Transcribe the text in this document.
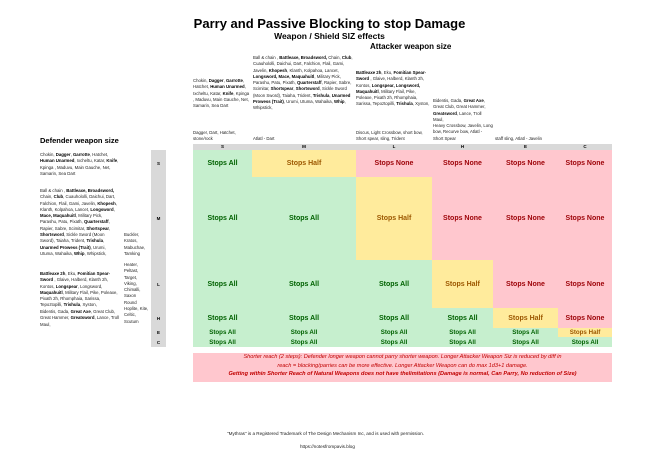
Parry and Passive Blocking to stop Damage
Weapon / Shield SIZ effects
Attacker weapon size
Defender weapon size
Chokin, Dagger, Garrotte, Hatchet, Human Unarmed, Ixcheltu, Katar, Knife, Kpinga , Maduvu, Main Gauche, Net, Samarin, Sea Dart
Ball & chain , Battleaxe, Broadsword, Chain, Club, Cuauhololli, Daichui, Dart, Falchion, Flail, Gami, Javelin, Khopesh, Klanth, Kolpahoa, Lancet, Longsword, Mace, Maquahuitl, Military Pick, Parashu, Patu, Pixath, Quarterstaff, Rapier, Sabre, Scimitar, Shortspear, Shortsword, Sickle Sword (Moon Sword), Taiaha, Trident, Trishula, Unarmed Prowess (Trait), Urumi, Utuma, Wahaika, Whip, Whipstick,
Battleaxe 2h, Eku, Fomitian Spear-Sword , Glaive, Halberd, Klanth 2h, Kontos, Longspear, Longsword, Maquahuitl, Military Flail, Pike, Poleaxe, Pixath 2h, Rhomphaia, Sarissa, Tepoztopilli, Trishula, Xyston,
Bidentis, Gada, Great Axe, Great Club, Great Hammer, Greatsword, Lance, Troll Maul,
Dagger, Dart, Hatchet, stone/rock	Atlatl - Dart
Discus, Light Crossbow, short bow, Short spear, sling, Trident
Heavy Crossbow, Javelin, Long bow, Recurve bow, Atlatl - Short Spear	staff sling, Atlatl - Javelin
Chokin, Dagger, Garrotte, Hatchet, Human Unarmed, Ixcheltu, Katar, Knife, Kpinga , Maduvu, Main Gauche, Net, Samarin, Sea Dart
Ball & chain , Battleaxe, Broadsword, Chain, Club, Cuauhololli, Daichui, Dart, Falchion, Flail, Gami, Javelin, Khopesh, Klanth, Kolpahoa, Lancet, Longsword, Mace, Maquahuitl, Military Pick, Parashu, Patu, Pixath, Quarterstaff, Rapier, Sabre, Scimitar, Shortspear, Shortsword, Sickle Sword (Moon Sword), Taiaha, Trident, Trishula, Unarmed Prowess (Trait), Urumi, Utuma, Wahaika, Whip, Whipstick,
Battleaxe 2h, Eku, Fomitian Spear-Sword , Glaive, Halberd, Klanth 2h, Kontos, Longspear, Longsword, Maquahuitl, Military Flail, Pike, Poleaxe, Pixath 2h, Rhomphaia, Sarissa, Tepoztopilli, Trishula, Xyston,
Bidentis, Gada, Great Axe, Great Club, Great Hammer, Greatsword, Lance, Troll Maul,
Buckler, Kratos, Mabuchae, Tamking
Heater, Peltast, Target, Viking, Chimalli, Saxon Round
Hoplite, Kite, Celtic, Scutum
S
S
M
M
L
L
H
H
E
E
C
C
Stops All	Stops Half	Stops None	Stops None	Stops None	Stops None
Stops All	Stops All	Stops Half	Stops None	Stops None	Stops None
Stops All	Stops All	Stops All	Stops Half	Stops None	Stops None
Stops All	Stops All	Stops All	Stops All	Stops Half	Stops None
Stops All	Stops All	Stops All	Stops All	Stops All	Stops Half
Stops All	Stops All	Stops All	Stops All	Stops All	Stops All
Shorter reach (2 steps): Defender longer weapon cannot parry shorter weapon. Longer Attacker Weapon Siz is reduced by diff in
reach = blocking/parries can be more effective. Longer Attacker Weapon can do max 1d3+1 damage.
Getting within Shorter Reach of Natural Weapons does not have thelimitations (Damage is normal, Can Parry, No reduction of Size)
"Mythras" is a Registered Trademark of The Design Mechanism Inc, and is used with permission.
https://notesfrompavis.blog
